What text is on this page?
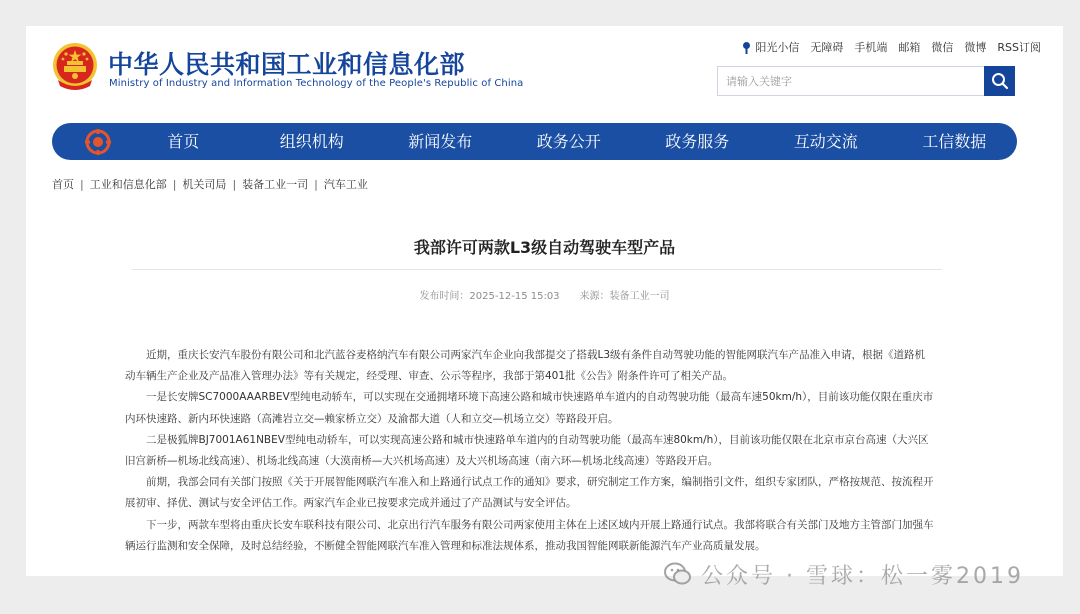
中华人民共和国工业和信息化部
Ministry of Industry and Information Technology of the People's Republic of China
阳光小信 无障碍 手机端 邮箱 微信 微博 RSS订阅
请输入关键字
首页	组织机构	新闻发布	政务公开	政务服务	互动交流	工信数据
首页 | 工业和信息化部 | 机关司局 | 装备工业一司 | 汽车工业
我部许可两款L3级自动驾驶车型产品
发布时间：2025-12-15 15:03 来源：装备工业一司

近期，重庆长安汽车股份有限公司和北汽蓝谷麦格纳汽车有限公司两家汽车企业向我部提交了搭载L3级有条件自动驾驶功能的智能网联汽车产品准入申请，根据《道路机动车辆生产企业及产品准入管理办法》等有关规定，经受理、审查、公示等程序，我部于第401批《公告》附条件许可了相关产品。

一是长安牌SC7000AAARBEV型纯电动轿车，可以实现在交通拥堵环境下高速公路和城市快速路单车道内的自动驾驶功能（最高车速50km/h），目前该功能仅限在重庆市内环快速路、新内环快速路（高滩岩立交—赖家桥立交）及渝都大道（人和立交—机场立交）等路段开启。

二是极狐牌BJ7001A61NBEV型纯电动轿车，可以实现高速公路和城市快速路单车道内的自动驾驶功能（最高车速80km/h），目前该功能仅限在北京市京台高速（大兴区旧宫新桥—机场北线高速）、机场北线高速（大漠南桥—大兴机场高速）及大兴机场高速（南六环—机场北线高速）等路段开启。

前期，我部会同有关部门按照《关于开展智能网联汽车准入和上路通行试点工作的通知》要求，研究制定工作方案，编制指引文件，组织专家团队，严格按规范、按流程开展初审、择优、测试与安全评估工作。两家汽车企业已按要求完成并通过了产品测试与安全评估。

下一步，两款车型将由重庆长安车联科技有限公司、北京出行汽车服务有限公司两家使用主体在上述区域内开展上路通行试点。我部将联合有关部门及地方主管部门加强车辆运行监测和安全保障，及时总结经验，不断健全智能网联汽车准入管理和标准法规体系，推动我国智能网联新能源汽车产业高质量发展。

公众号 · 雪球：松一雾2019
